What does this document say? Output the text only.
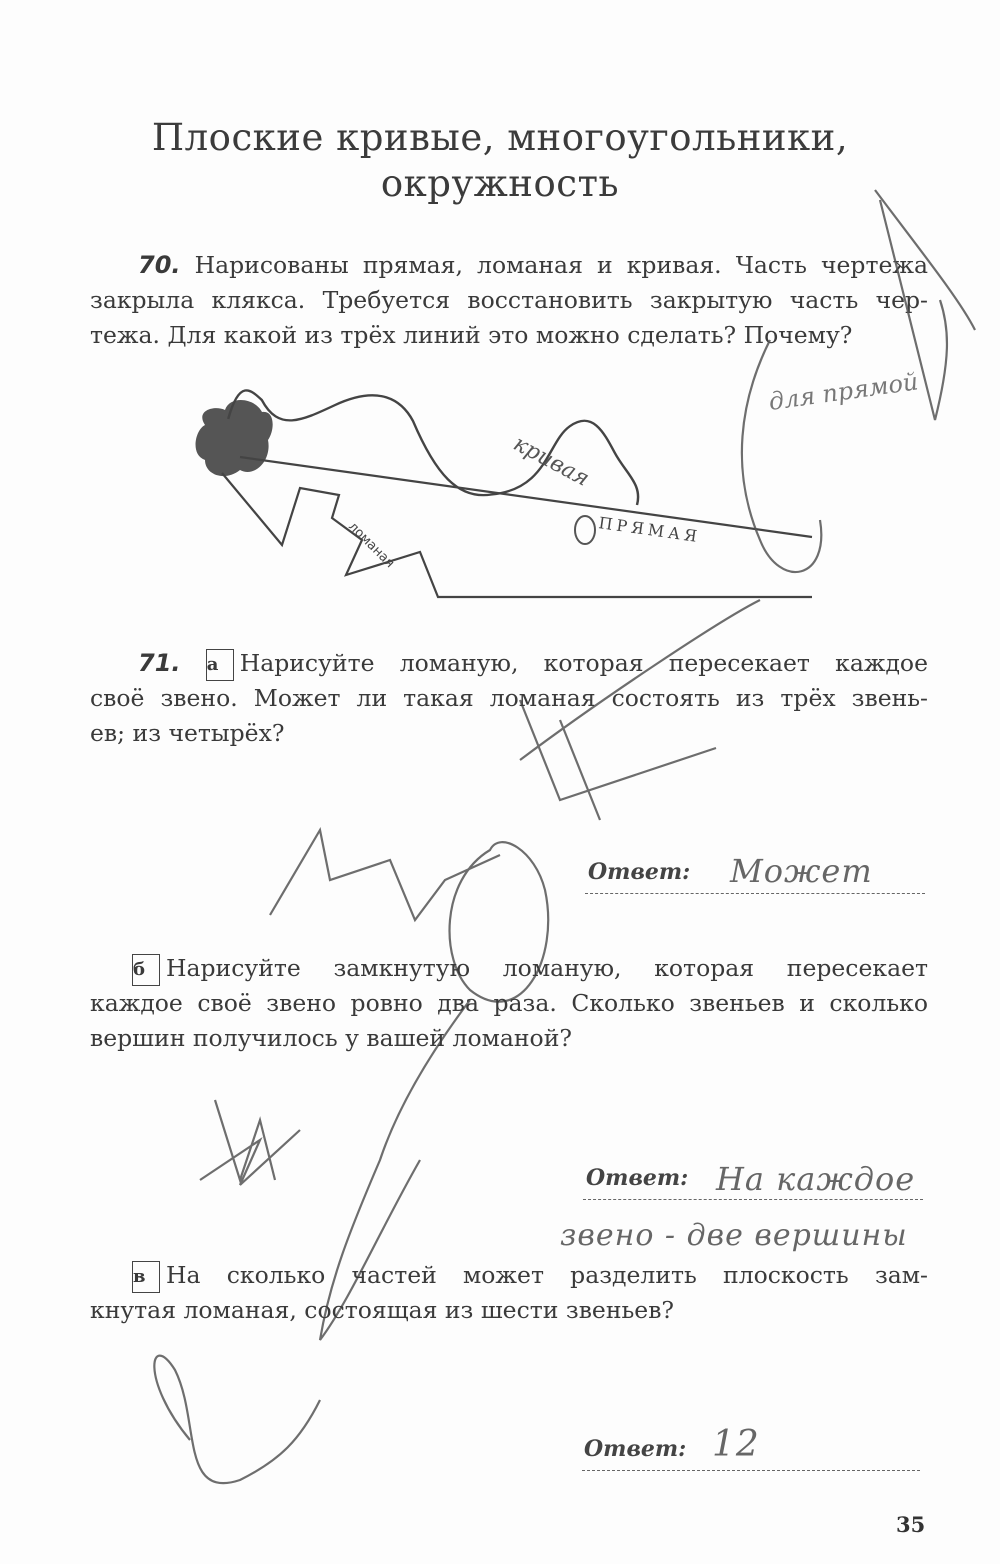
Плоские кривые, многоугольники,
окружность
70. Нарисованы прямая, ломаная и кривая. Часть чертежа
закрыла клякса. Требуется восстановить закрытую часть чер-
тежа. Для какой из трёх линий это можно сделать? Почему?
кривая
ломаная	ПРЯМАЯ
для прямой
71. а Нарисуйте ломаную, которая пересекает каждое
своё звено. Может ли такая ломаная состоять из трёх звень-
ев; из четырёх?
Ответ: Может
б Нарисуйте замкнутую ломаную, которая пересекает
каждое своё звено ровно два раза. Сколько звеньев и сколько
вершин получилось у вашей ломаной?
Ответ: На каждое
звено - две вершины
в На сколько частей может разделить плоскость зам-
кнутая ломаная, состоящая из шести звеньев?
Ответ: 12
35
